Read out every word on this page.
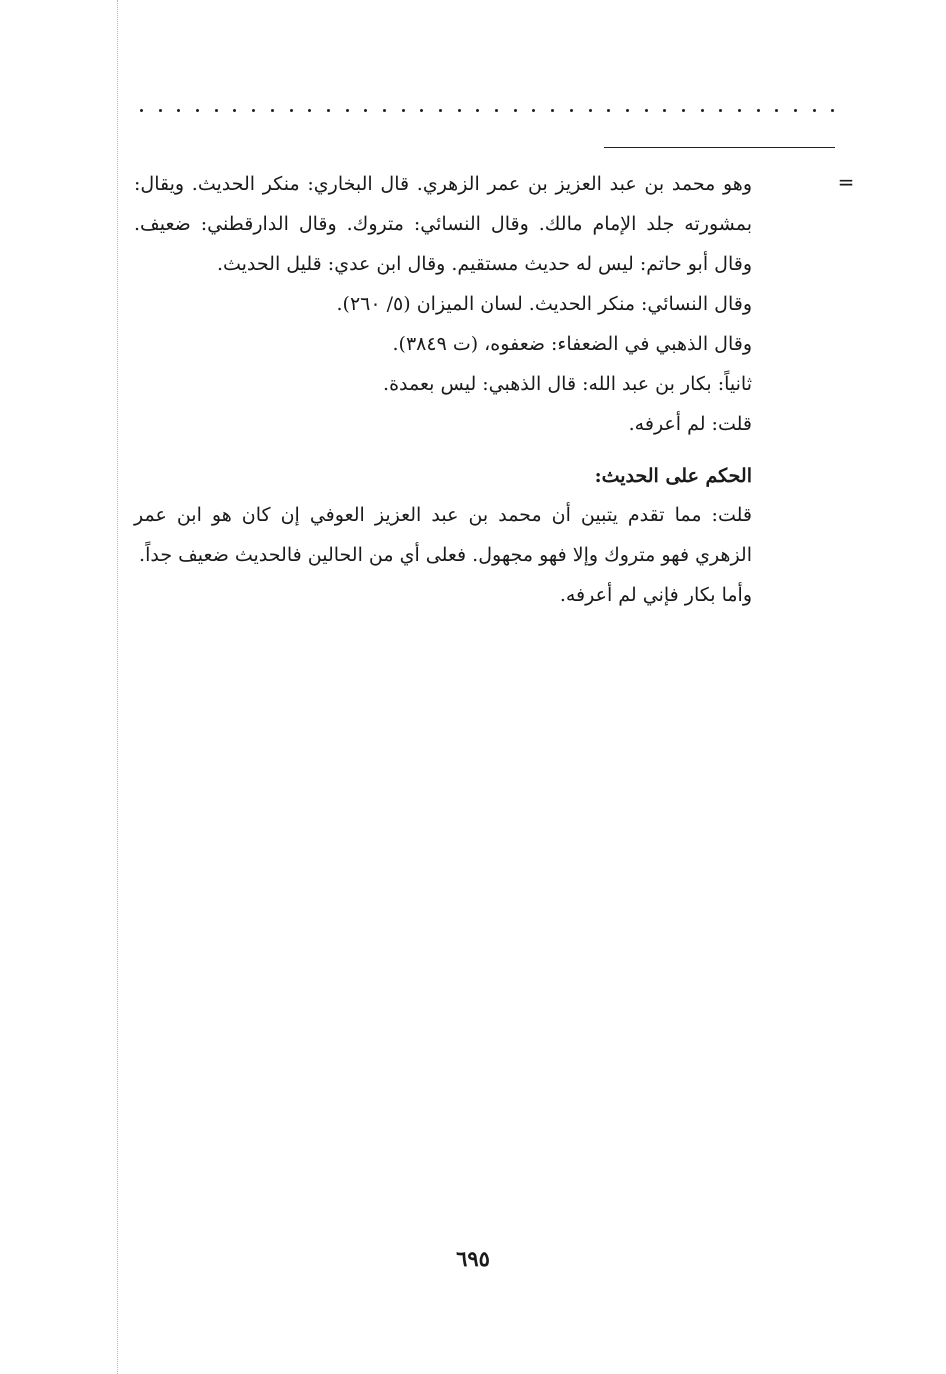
=

وهو محمد بن عبد العزيز بن عمر الزهري. قال البخاري: منكر الحديث. ويقال: بمشورته جلد الإمام مالك. وقال النسائي: متروك. وقال الدارقطني: ضعيف. وقال أبو حاتم: ليس له حديث مستقيم. وقال ابن عدي: قليل الحديث.

وقال النسائي: منكر الحديث. لسان الميزان (٥/ ٢٦٠).

وقال الذهبي في الضعفاء: ضعفوه، (ت ٣٨٤٩).

ثانياً: بكار بن عبد الله: قال الذهبي: ليس بعمدة.

قلت: لم أعرفه.

الحكم على الحديث:

قلت: مما تقدم يتبين أن محمد بن عبد العزيز العوفي إن كان هو ابن عمر الزهري فهو متروك وإلا فهو مجهول. فعلى أي من الحالين فالحديث ضعيف جداً.

وأما بكار فإني لم أعرفه.

٦٩٥
